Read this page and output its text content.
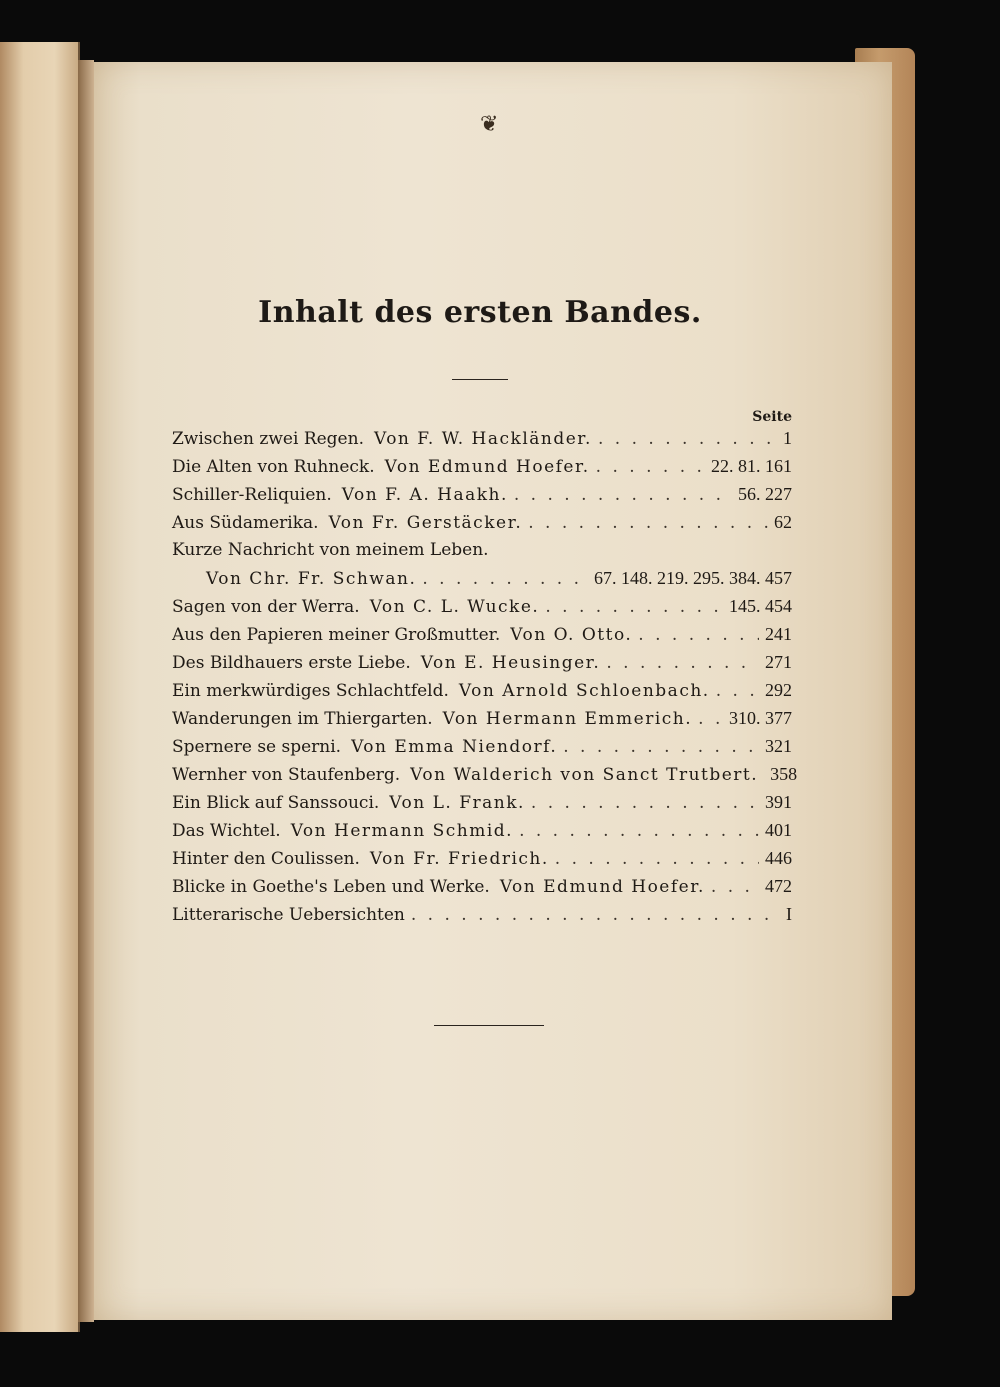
❦
Inhalt des ersten Bandes.
Seite
Zwischen zwei Regen. Von F. W. Hackländer. . . .	1
Die Alten von Ruhneck. Von Edmund Hoefer. . . .	22. 81. 161
Schiller-Reliquien. Von F. A. Haakh. . . .	56. 227
Aus Südamerika. Von Fr. Gerstäcker. . . .	62
Kurze Nachricht von meinem Leben.
Von Chr. Fr. Schwan. . . .	67. 148. 219. 295. 384. 457
Sagen von der Werra. Von C. L. Wucke. . . .	145. 454
Aus den Papieren meiner Großmutter. Von O. Otto. . . .	241
Des Bildhauers erste Liebe. Von E. Heusinger. . . .	271
Ein merkwürdiges Schlachtfeld. Von Arnold Schloenbach. . . .	292
Wanderungen im Thiergarten. Von Hermann Emmerich. . . . 310. 377
Spernere se sperni. Von Emma Niendorf. . . .	321
Wernher von Staufenberg. Von Walderich von Sanct Trutbert. 358
Ein Blick auf Sanssouci. Von L. Frank. . . .	391
Das Wichtel. Von Hermann Schmid. . . .	401
Hinter den Coulissen. Von Fr. Friedrich. . . .	446
Blicke in Goethe's Leben und Werke. Von Edmund Hoefer. . . .	472
Litterarische Uebersichten . . .	I
